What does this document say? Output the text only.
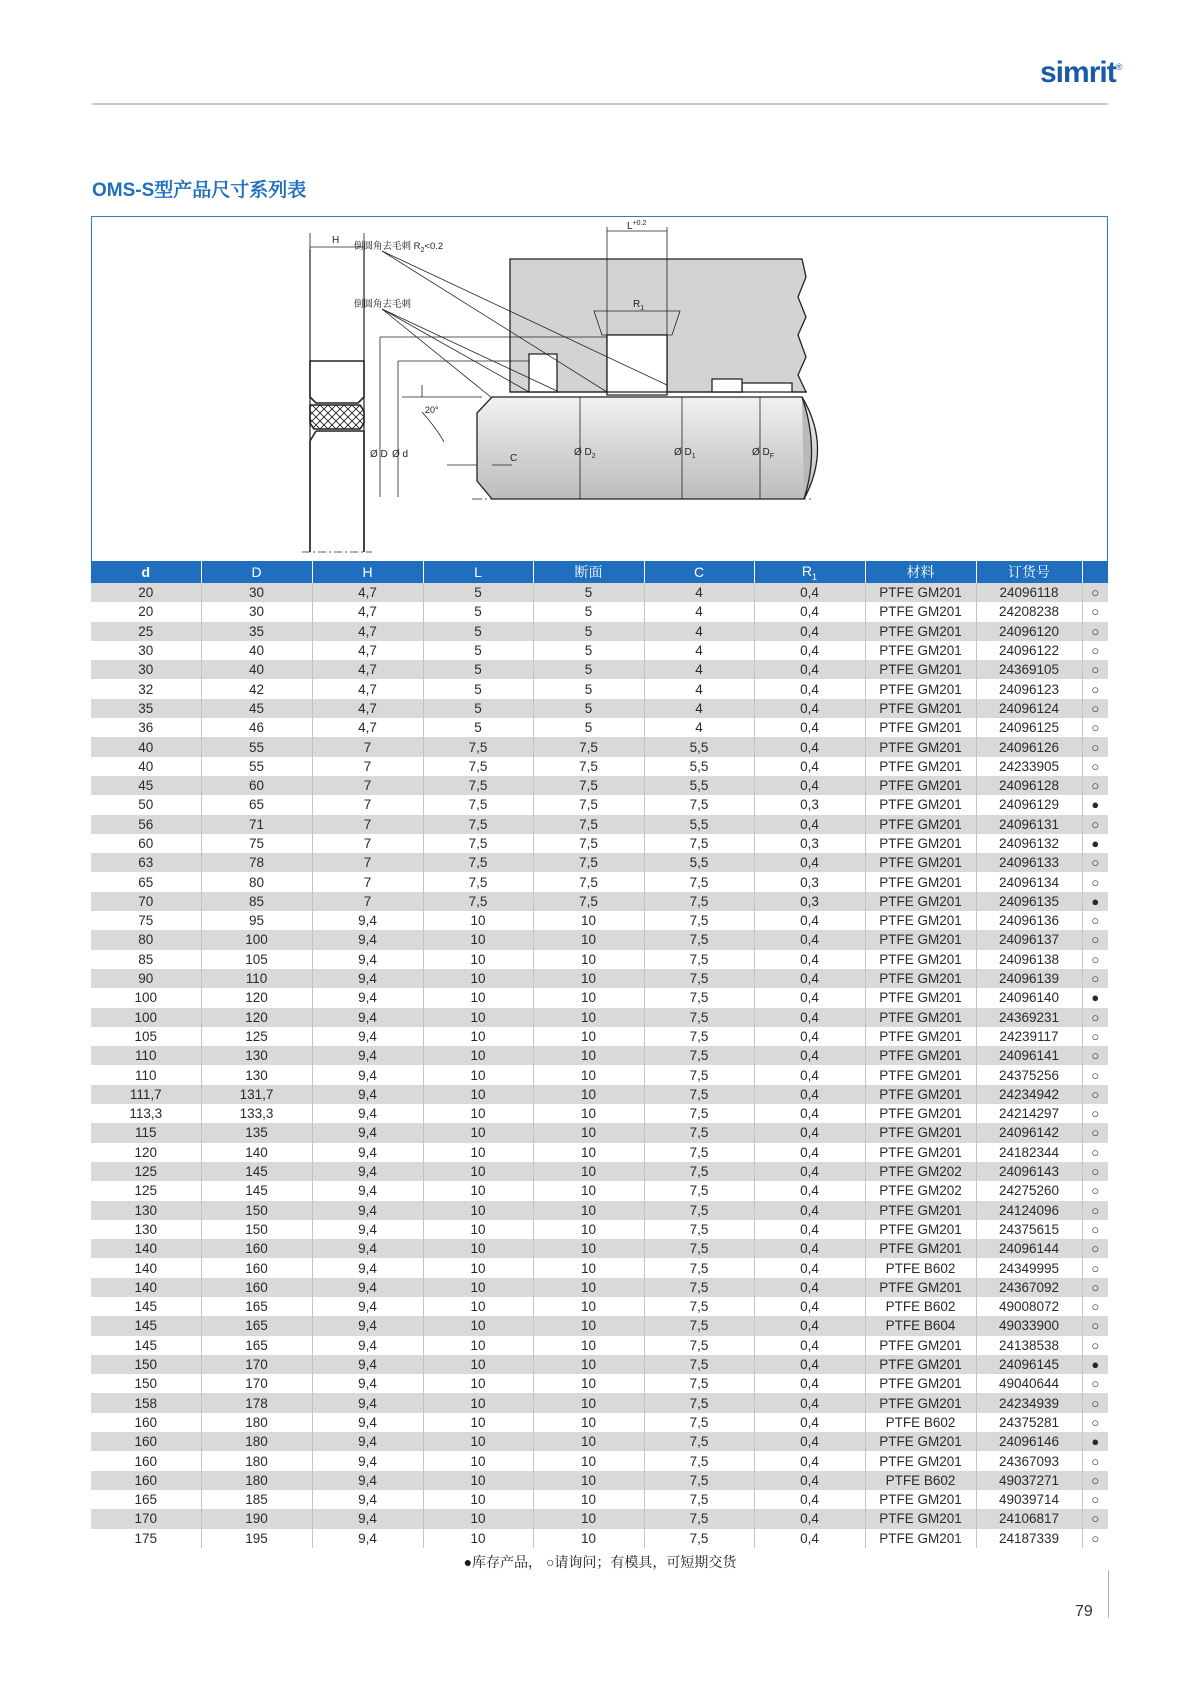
simrit®
OMS-S型产品尺寸系列表
H
$L^{+0.2}$
$R_1$
倒圆角去毛刺 $R_2<0.2$
倒圆角去毛刺
20°
C
Ø D Ø d	Ø $D_2$	Ø $D_1$	Ø $D_F$
d	D	H	L	断面	C	$R_1$	材料	订货号	
20	30	4,7	5	5	4	0,4	PTFE GM201	24096118	○
20	30	4,7	5	5	4	0,4	PTFE GM201	24208238	○
25	35	4,7	5	5	4	0,4	PTFE GM201	24096120	○
30	40	4,7	5	5	4	0,4	PTFE GM201	24096122	○
30	40	4,7	5	5	4	0,4	PTFE GM201	24369105	○
32	42	4,7	5	5	4	0,4	PTFE GM201	24096123	○
35	45	4,7	5	5	4	0,4	PTFE GM201	24096124	○
36	46	4,7	5	5	4	0,4	PTFE GM201	24096125	○
40	55	7	7,5	7,5	5,5	0,4	PTFE GM201	24096126	○
40	55	7	7,5	7,5	5,5	0,4	PTFE GM201	24233905	○
45	60	7	7,5	7,5	5,5	0,4	PTFE GM201	24096128	○
50	65	7	7,5	7,5	7,5	0,3	PTFE GM201	24096129	●
56	71	7	7,5	7,5	5,5	0,4	PTFE GM201	24096131	○
60	75	7	7,5	7,5	7,5	0,3	PTFE GM201	24096132	●
63	78	7	7,5	7,5	5,5	0,4	PTFE GM201	24096133	○
65	80	7	7,5	7,5	7,5	0,3	PTFE GM201	24096134	○
70	85	7	7,5	7,5	7,5	0,3	PTFE GM201	24096135	●
75	95	9,4	10	10	7,5	0,4	PTFE GM201	24096136	○
80	100	9,4	10	10	7,5	0,4	PTFE GM201	24096137	○
85	105	9,4	10	10	7,5	0,4	PTFE GM201	24096138	○
90	110	9,4	10	10	7,5	0,4	PTFE GM201	24096139	○
100	120	9,4	10	10	7,5	0,4	PTFE GM201	24096140	●
100	120	9,4	10	10	7,5	0,4	PTFE GM201	24369231	○
105	125	9,4	10	10	7,5	0,4	PTFE GM201	24239117	○
110	130	9,4	10	10	7,5	0,4	PTFE GM201	24096141	○
110	130	9,4	10	10	7,5	0,4	PTFE GM201	24375256	○
111,7	131,7	9,4	10	10	7,5	0,4	PTFE GM201	24234942	○
113,3	133,3	9,4	10	10	7,5	0,4	PTFE GM201	24214297	○
115	135	9,4	10	10	7,5	0,4	PTFE GM201	24096142	○
120	140	9,4	10	10	7,5	0,4	PTFE GM201	24182344	○
125	145	9,4	10	10	7,5	0,4	PTFE GM202	24096143	○
125	145	9,4	10	10	7,5	0,4	PTFE GM202	24275260	○
130	150	9,4	10	10	7,5	0,4	PTFE GM201	24124096	○
130	150	9,4	10	10	7,5	0,4	PTFE GM201	24375615	○
140	160	9,4	10	10	7,5	0,4	PTFE GM201	24096144	○
140	160	9,4	10	10	7,5	0,4	PTFE B602	24349995	○
140	160	9,4	10	10	7,5	0,4	PTFE GM201	24367092	○
145	165	9,4	10	10	7,5	0,4	PTFE B602	49008072	○
145	165	9,4	10	10	7,5	0,4	PTFE B604	49033900	○
145	165	9,4	10	10	7,5	0,4	PTFE GM201	24138538	○
150	170	9,4	10	10	7,5	0,4	PTFE GM201	24096145	●
150	170	9,4	10	10	7,5	0,4	PTFE GM201	49040644	○
158	178	9,4	10	10	7,5	0,4	PTFE GM201	24234939	○
160	180	9,4	10	10	7,5	0,4	PTFE B602	24375281	○
160	180	9,4	10	10	7,5	0,4	PTFE GM201	24096146	●
160	180	9,4	10	10	7,5	0,4	PTFE GM201	24367093	○
160	180	9,4	10	10	7,5	0,4	PTFE B602	49037271	○
165	185	9,4	10	10	7,5	0,4	PTFE GM201	49039714	○
170	190	9,4	10	10	7,5	0,4	PTFE GM201	24106817	○
175	195	9,4	10	10	7,5	0,4	PTFE GM201	24187339	○
●库存产品， ○请询问；有模具，可短期交货
79
